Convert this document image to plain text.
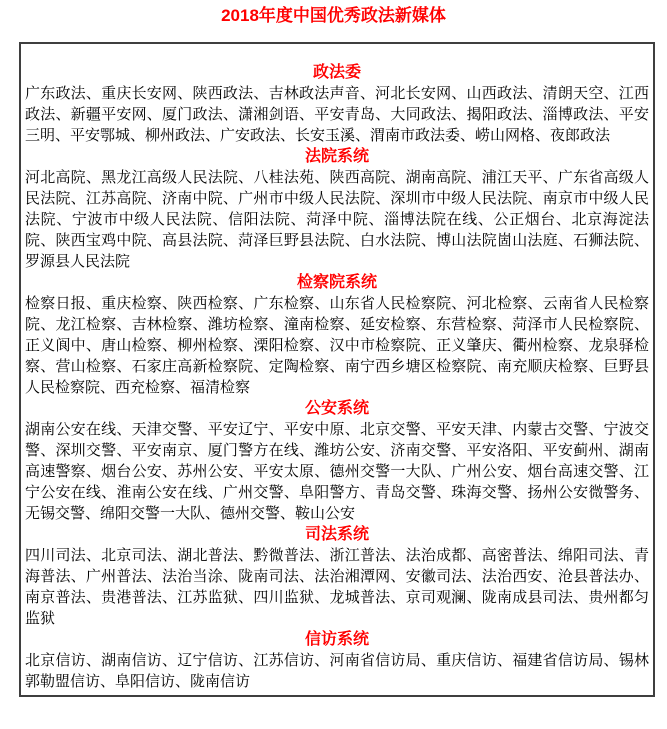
2018年度中国优秀政法新媒体
政法委

广东政法、重庆长安网、陕西政法、吉林政法声音、河北长安网、山西政法、清朗天空、江西政法、新疆平安网、厦门政法、潇湘剑语、平安青岛、大同政法、揭阳政法、淄博政法、平安三明、平安鄂城、柳州政法、广安政法、长安玉溪、渭南市政法委、崂山网格、夜郎政法

法院系统

河北高院、黑龙江高级人民法院、八桂法苑、陕西高院、湖南高院、浦江天平、广东省高级人民法院、江苏高院、济南中院、广州市中级人民法院、深圳市中级人民法院、南京市中级人民法院、宁波市中级人民法院、信阳法院、菏泽中院、淄博法院在线、公正烟台、北京海淀法院、陕西宝鸡中院、高县法院、菏泽巨野县法院、白水法院、博山法院崮山法庭、石狮法院、罗源县人民法院

检察院系统

检察日报、重庆检察、陕西检察、广东检察、山东省人民检察院、河北检察、云南省人民检察院、龙江检察、吉林检察、潍坊检察、潼南检察、延安检察、东营检察、菏泽市人民检察院、正义阆中、唐山检察、柳州检察、溧阳检察、汉中市检察院、正义肇庆、衢州检察、龙泉驿检察、营山检察、石家庄高新检察院、定陶检察、南宁西乡塘区检察院、南充顺庆检察、巨野县人民检察院、西充检察、福清检察

公安系统

湖南公安在线、天津交警、平安辽宁、平安中原、北京交警、平安天津、内蒙古交警、宁波交警、深圳交警、平安南京、厦门警方在线、潍坊公安、济南交警、平安洛阳、平安蓟州、湖南高速警察、烟台公安、苏州公安、平安太原、德州交警一大队、广州公安、烟台高速交警、江宁公安在线、淮南公安在线、广州交警、阜阳警方、青岛交警、珠海交警、扬州公安微警务、无锡交警、绵阳交警一大队、德州交警、鞍山公安

司法系统

四川司法、北京司法、湖北普法、黔微普法、浙江普法、法治成都、高密普法、绵阳司法、青海普法、广州普法、法治当涂、陇南司法、法治湘潭网、安徽司法、法治西安、沧县普法办、南京普法、贵港普法、江苏监狱、四川监狱、龙城普法、京司观澜、陇南成县司法、贵州都匀监狱

信访系统

北京信访、湖南信访、辽宁信访、江苏信访、河南省信访局、重庆信访、福建省信访局、锡林郭勒盟信访、阜阳信访、陇南信访
